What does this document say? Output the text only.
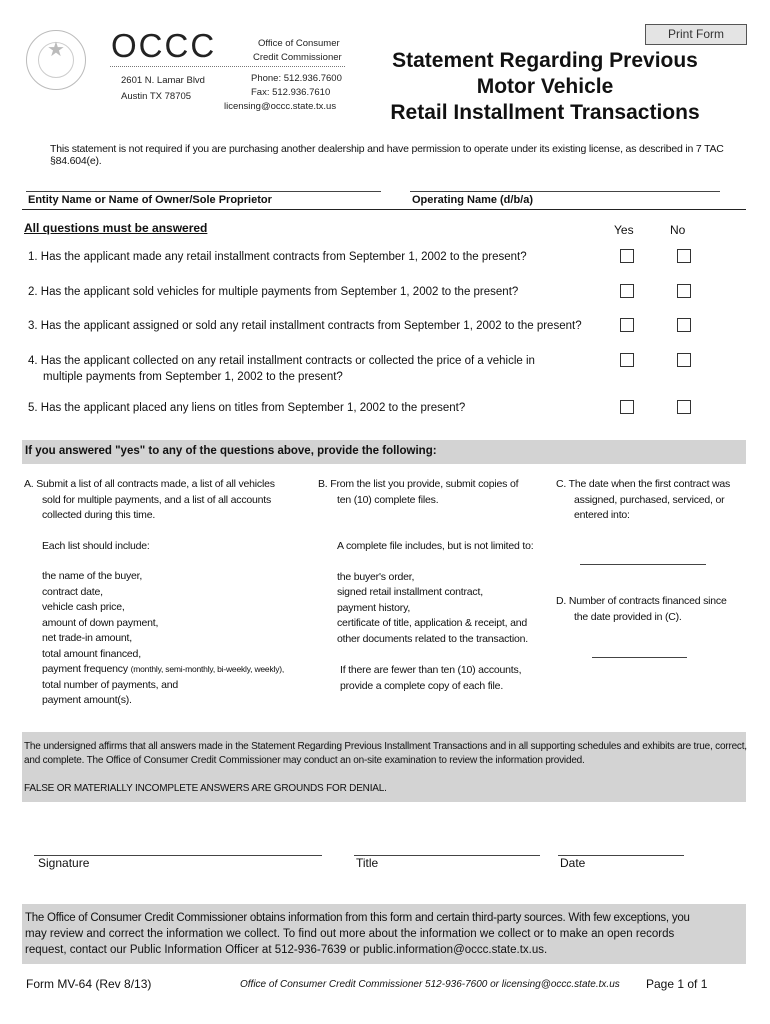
Print Form
★	OCCC	Office of Consumer
Credit Commissioner
2601 N. Lamar Blvd
Austin TX 78705
Phone: 512.936.7600
Fax: 512.936.7610
licensing@occc.state.tx.us
Statement Regarding Previous
Motor Vehicle
Retail Installment Transactions
This statement is not required if you are purchasing another dealership and have permission to operate under its existing license, as described in 7 TAC §84.604(e).
Entity Name or Name of Owner/Sole Proprietor	Operating Name (d/b/a)
All questions must be answered	Yes	No
1. Has the applicant made any retail installment contracts from September 1, 2002 to the present?
2. Has the applicant sold vehicles for multiple payments from September 1, 2002 to the present?
3. Has the applicant assigned or sold any retail installment contracts from September 1, 2002 to the present?
4. Has the applicant collected on any retail installment contracts or collected the price of a vehicle in
multiple payments from September 1, 2002 to the present?
5. Has the applicant placed any liens on titles from September 1, 2002 to the present?
If you answered "yes" to any of the questions above, provide the following:
A. Submit a list of all contracts made, a list of all vehicles
sold for multiple payments, and a list of all accounts
collected during this time.
Each list should include:
the name of the buyer,
contract date,
vehicle cash price,
amount of down payment,
net trade-in amount,
total amount financed,
payment frequency (monthly, semi-monthly, bi-weekly, weekly),
total number of payments, and
payment amount(s).
B. From the list you provide, submit copies of
ten (10) complete files.
A complete file includes, but is not limited to:
the buyer's order,
signed retail installment contract,
payment history,
certificate of title, application & receipt, and
other documents related to the transaction.
If there are fewer than ten (10) accounts,
provide a complete copy of each file.
C. The date when the first contract was
assigned, purchased, serviced, or
entered into:
D. Number of contracts financed since
the date provided in (C).
The undersigned affirms that all answers made in the Statement Regarding Previous Installment Transactions and in all supporting schedules and exhibits are true, correct,
and complete. The Office of Consumer Credit Commissioner may conduct an on-site examination to review the information provided.
FALSE OR MATERIALLY INCOMPLETE ANSWERS ARE GROUNDS FOR DENIAL.
Signature	Title	Date
The Office of Consumer Credit Commissioner obtains information from this form and certain third-party sources. With few exceptions, you
may review and correct the information we collect. To find out more about the information we collect or to make an open records
request, contact our Public Information Officer at 512-936-7639 or public.information@occc.state.tx.us.
Form MV-64 (Rev 8/13)	Office of Consumer Credit Commissioner 512-936-7600 or licensing@occc.state.tx.us Page 1 of 1
